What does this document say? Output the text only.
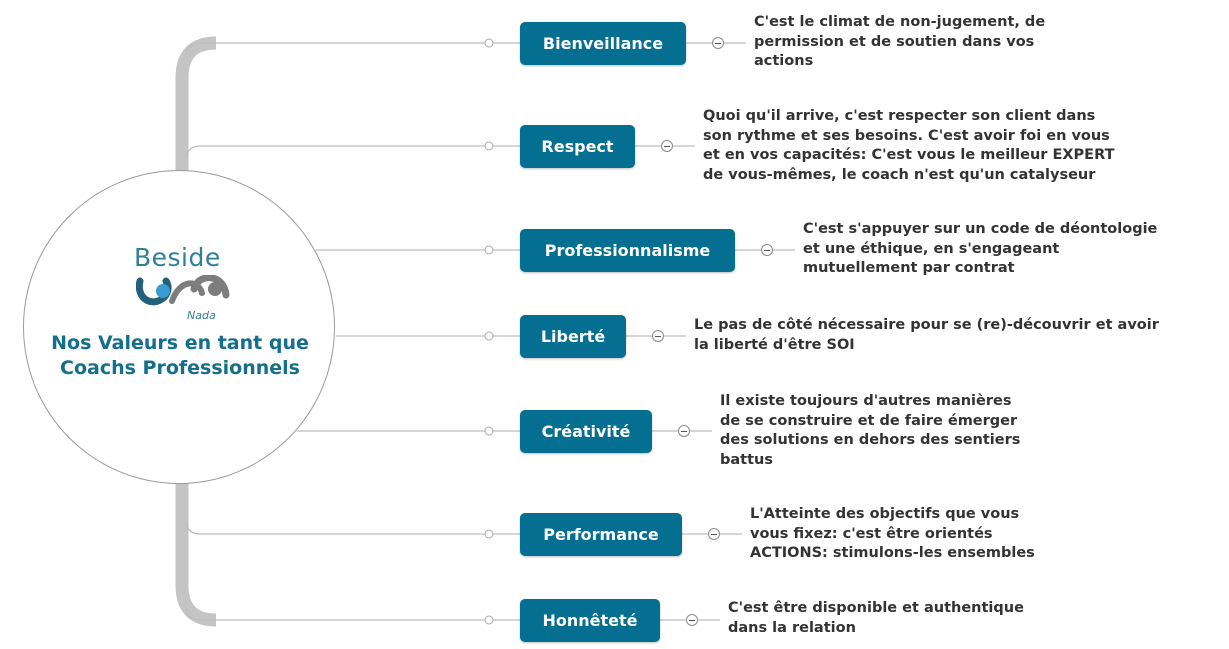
Beside
Nada
Nos Valeurs en tant que Coachs Professionnels
Bienveillance
C'est le climat de non-jugement, de
permission et de soutien dans vos
actions
Respect
Quoi qu'il arrive, c'est respecter son client dans
son rythme et ses besoins. C'est avoir foi en vous
et en vos capacités: C'est vous le meilleur EXPERT
de vous-mêmes, le coach n'est qu'un catalyseur
Professionnalisme
C'est s'appuyer sur un code de déontologie
et une éthique, en s'engageant
mutuellement par contrat
Liberté
Le pas de côté nécessaire pour se (re)-découvrir et avoir
la liberté d'être SOI
Créativité
Il existe toujours d'autres manières
de se construire et de faire émerger
des solutions en dehors des sentiers
battus
Performance
L'Atteinte des objectifs que vous
vous fixez: c'est être orientés
ACTIONS: stimulons-les ensembles
Honnêteté
C'est être disponible et authentique
dans la relation
